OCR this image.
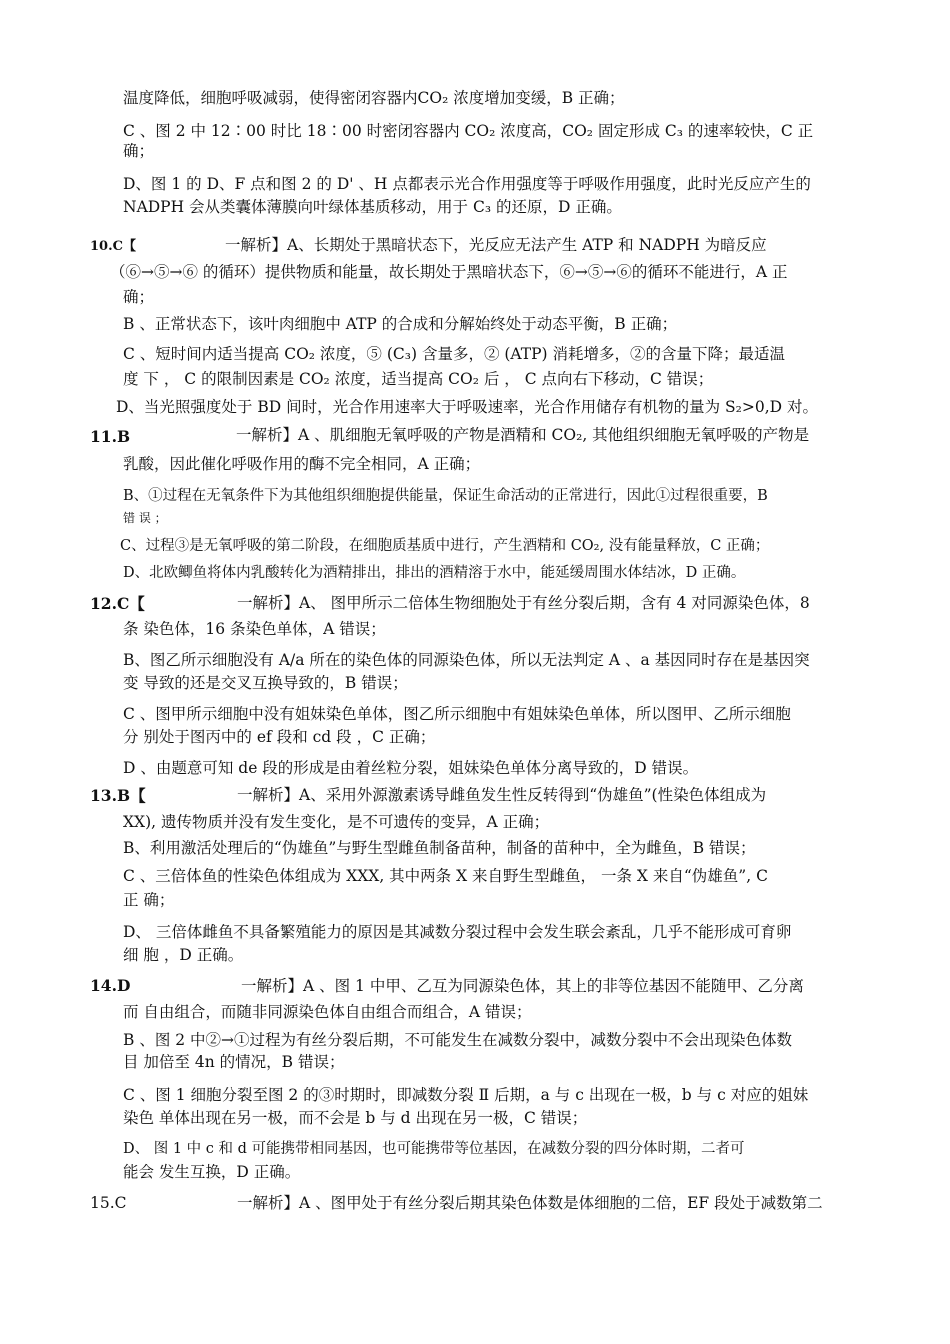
温度降低，细胞呼吸减弱，使得密闭容器内CO₂ 浓度增加变缓，B 正确；
C 、图 2 中 12∶00 时比 18∶00 时密闭容器内 CO₂ 浓度高，CO₂ 固定形成 C₃ 的速率较快，C 正
确；
D、图 1 的 D、F 点和图 2 的 D' 、H 点都表示光合作用强度等于呼吸作用强度，此时光反应产生的
NADPH 会从类囊体薄膜向叶绿体基质移动，用于 C₃ 的还原，D 正确。
10.C【	一解析】A、长期处于黑暗状态下，光反应无法产生 ATP 和 NADPH 为暗反应
（⑥→⑤→⑥ 的循环）提供物质和能量，故长期处于黑暗状态下，⑥→⑤→⑥的循环不能进行，A 正
确；
B 、正常状态下，该叶肉细胞中 ATP 的合成和分解始终处于动态平衡，B 正确；
C 、短时间内适当提高 CO₂ 浓度，⑤ (C₃) 含量多，② (ATP) 消耗增多，②的含量下降；最适温
度 下 ， C 的限制因素是 CO₂ 浓度，适当提高 CO₂ 后 ， C 点向右下移动，C 错误；
D、当光照强度处于 BD 间时，光合作用速率大于呼吸速率，光合作用储存有机物的量为 S₂>0,D 对。
11.B	一解析】A 、肌细胞无氧呼吸的产物是酒精和 CO₂, 其他组织细胞无氧呼吸的产物是
乳酸，因此催化呼吸作用的酶不完全相同，A 正确；
B、①过程在无氧条件下为其他组织细胞提供能量，保证生命活动的正常进行，因此①过程很重要，B
错 误 ；
C、过程③是无氧呼吸的第二阶段，在细胞质基质中进行，产生酒精和 CO₂, 没有能量释放，C 正确；
D、北欧鲫鱼将体内乳酸转化为酒精排出，排出的酒精溶于水中，能延缓周围水体结冰，D 正确。
12.C【	一解析】A、 图甲所示二倍体生物细胞处于有丝分裂后期，含有 4 对同源染色体，8
条 染色体，16 条染色单体，A 错误；
B、图乙所示细胞没有 A/a 所在的染色体的同源染色体，所以无法判定 A 、a 基因同时存在是基因突
变 导致的还是交叉互换导致的，B 错误；
C 、图甲所示细胞中没有姐妹染色单体，图乙所示细胞中有姐妹染色单体，所以图甲、乙所示细胞
分 别处于图丙中的 ef 段和 cd 段 ，C 正确；
D 、由题意可知 de 段的形成是由着丝粒分裂，姐妹染色单体分离导致的，D 错误。
13.B【	一解析】A、采用外源激素诱导雌鱼发生性反转得到“伪雄鱼”(性染色体组成为
XX), 遗传物质并没有发生变化，是不可遗传的变异，A 正确；
B、利用激活处理后的“伪雄鱼”与野生型雌鱼制备苗种，制备的苗种中，全为雌鱼，B 错误；
C 、三倍体鱼的性染色体组成为 XXX, 其中两条 X 来自野生型雌鱼， 一条 X 来自“伪雄鱼”, C
正 确；
D、 三倍体雌鱼不具备繁殖能力的原因是其减数分裂过程中会发生联会紊乱，几乎不能形成可育卵
细 胞 ，D 正确。
14.D	一解析】A 、图 1 中甲、乙互为同源染色体，其上的非等位基因不能随甲、乙分离
而 自由组合，而随非同源染色体自由组合而组合，A 错误；
B 、图 2 中②→①过程为有丝分裂后期，不可能发生在减数分裂中，减数分裂中不会出现染色体数
目 加倍至 4n 的情况，B 错误；
C 、图 1 细胞分裂至图 2 的③时期时，即减数分裂 Ⅱ 后期，a 与 c 出现在一极，b 与 c 对应的姐妹
染色 单体出现在另一极，而不会是 b 与 d 出现在另一极，C 错误；
D、 图 1 中 c 和 d 可能携带相同基因，也可能携带等位基因，在减数分裂的四分体时期，二者可
能会 发生互换，D 正确。
15.C	一解析】A 、图甲处于有丝分裂后期其染色体数是体细胞的二倍，EF 段处于减数第二
